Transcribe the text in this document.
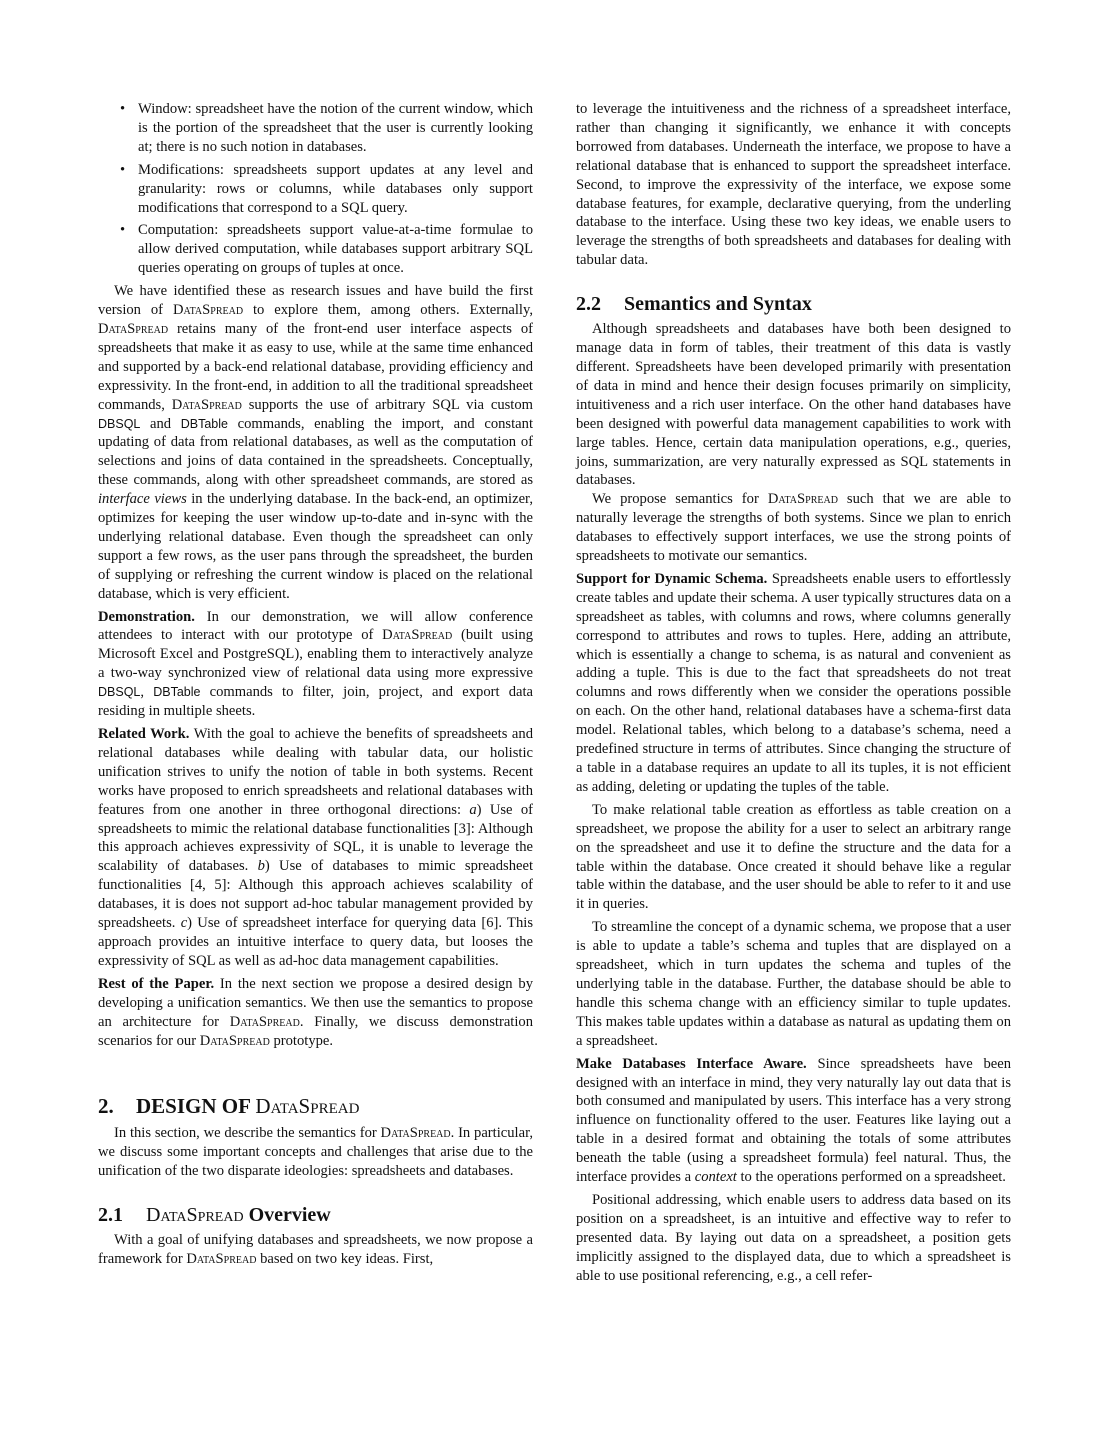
• Window: spreadsheet have the notion of the current window, which is the portion of the spreadsheet that the user is currently looking at; there is no such notion in databases.
• Modifications: spreadsheets support updates at any level and granularity: rows or columns, while databases only support modifications that correspond to a SQL query.
• Computation: spreadsheets support value-at-a-time formulae to allow derived computation, while databases support arbitrary SQL queries operating on groups of tuples at once.

We have identified these as research issues and have build the first version of DataSpread to explore them, among others. Externally, DataSpread retains many of the front-end user interface aspects of spreadsheets that make it as easy to use, while at the same time enhanced and supported by a back-end relational database, providing efficiency and expressivity. In the front-end, in addition to all the traditional spreadsheet commands, DataSpread supports the use of arbitrary SQL via custom DBSQL and DBTable commands, enabling the import, and constant updating of data from relational databases, as well as the computation of selections and joins of data contained in the spreadsheets. Conceptually, these commands, along with other spreadsheet commands, are stored as interface views in the underlying database. In the back-end, an optimizer, optimizes for keeping the user window up-to-date and in-sync with the underlying relational database. Even though the spreadsheet can only support a few rows, as the user pans through the spreadsheet, the burden of supplying or refreshing the current window is placed on the relational database, which is very efficient.

Demonstration. In our demonstration, we will allow conference attendees to interact with our prototype of DataSpread (built using Microsoft Excel and PostgreSQL), enabling them to interactively analyze a two-way synchronized view of relational data using more expressive DBSQL, DBTable commands to filter, join, project, and export data residing in multiple sheets.

Related Work. With the goal to achieve the benefits of spreadsheets and relational databases while dealing with tabular data, our holistic unification strives to unify the notion of table in both systems. Recent works have proposed to enrich spreadsheets and relational databases with features from one another in three orthogonal directions: a) Use of spreadsheets to mimic the relational database functionalities [3]: Although this approach achieves expressivity of SQL, it is unable to leverage the scalability of databases. b) Use of databases to mimic spreadsheet functionalities [4, 5]: Although this approach achieves scalability of databases, it is does not support ad-hoc tabular management provided by spreadsheets. c) Use of spreadsheet interface for querying data [6]. This approach provides an intuitive interface to query data, but looses the expressivity of SQL as well as ad-hoc data management capabilities.

Rest of the Paper. In the next section we propose a desired design by developing a unification semantics. We then use the semantics to propose an architecture for DataSpread. Finally, we discuss demonstration scenarios for our DataSpread prototype.

2. DESIGN OF DataSpread

In this section, we describe the semantics for DataSpread. In particular, we discuss some important concepts and challenges that arise due to the unification of the two disparate ideologies: spreadsheets and databases.

2.1 DataSpread Overview

With a goal of unifying databases and spreadsheets, we now propose a framework for DataSpread based on two key ideas. First,

to leverage the intuitiveness and the richness of a spreadsheet interface, rather than changing it significantly, we enhance it with concepts borrowed from databases. Underneath the interface, we propose to have a relational database that is enhanced to support the spreadsheet interface. Second, to improve the expressivity of the interface, we expose some database features, for example, declarative querying, from the underling database to the interface. Using these two key ideas, we enable users to leverage the strengths of both spreadsheets and databases for dealing with tabular data.

2.2 Semantics and Syntax

Although spreadsheets and databases have both been designed to manage data in form of tables, their treatment of this data is vastly different. Spreadsheets have been developed primarily with presentation of data in mind and hence their design focuses primarily on simplicity, intuitiveness and a rich user interface. On the other hand databases have been designed with powerful data management capabilities to work with large tables. Hence, certain data manipulation operations, e.g., queries, joins, summarization, are very naturally expressed as SQL statements in databases.

We propose semantics for DataSpread such that we are able to naturally leverage the strengths of both systems. Since we plan to enrich databases to effectively support interfaces, we use the strong points of spreadsheets to motivate our semantics.

Support for Dynamic Schema. Spreadsheets enable users to effortlessly create tables and update their schema. A user typically structures data on a spreadsheet as tables, with columns and rows, where columns generally correspond to attributes and rows to tuples. Here, adding an attribute, which is essentially a change to schema, is as natural and convenient as adding a tuple. This is due to the fact that spreadsheets do not treat columns and rows differently when we consider the operations possible on each. On the other hand, relational databases have a schema-first data model. Relational tables, which belong to a database’s schema, need a predefined structure in terms of attributes. Since changing the structure of a table in a database requires an update to all its tuples, it is not efficient as adding, deleting or updating the tuples of the table.

To make relational table creation as effortless as table creation on a spreadsheet, we propose the ability for a user to select an arbitrary range on the spreadsheet and use it to define the structure and the data for a table within the database. Once created it should behave like a regular table within the database, and the user should be able to refer to it and use it in queries.

To streamline the concept of a dynamic schema, we propose that a user is able to update a table’s schema and tuples that are displayed on a spreadsheet, which in turn updates the schema and tuples of the underlying table in the database. Further, the database should be able to handle this schema change with an efficiency similar to tuple updates. This makes table updates within a database as natural as updating them on a spreadsheet.

Make Databases Interface Aware. Since spreadsheets have been designed with an interface in mind, they very naturally lay out data that is both consumed and manipulated by users. This interface has a very strong influence on functionality offered to the user. Features like laying out a table in a desired format and obtaining the totals of some attributes beneath the table (using a spreadsheet formula) feel natural. Thus, the interface provides a context to the operations performed on a spreadsheet.

Positional addressing, which enable users to address data based on its position on a spreadsheet, is an intuitive and effective way to refer to presented data. By laying out data on a spreadsheet, a position gets implicitly assigned to the displayed data, due to which a spreadsheet is able to use positional referencing, e.g., a cell refer-
